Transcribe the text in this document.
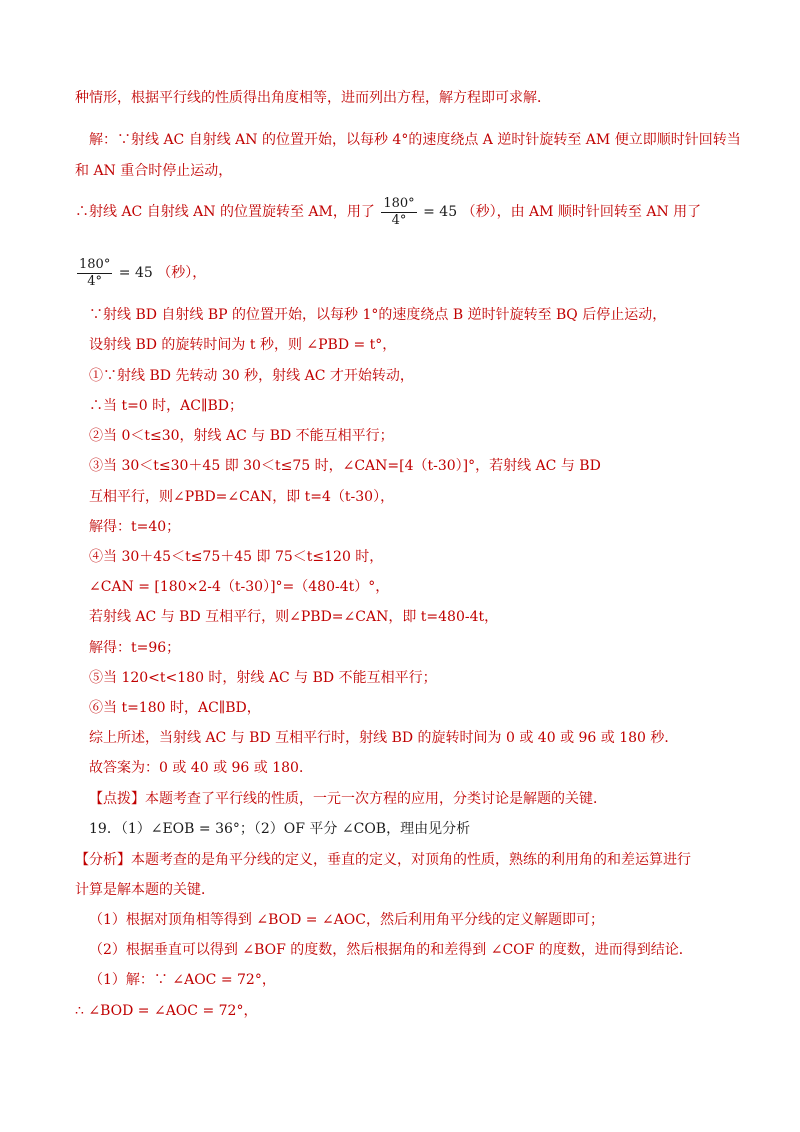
种情形，根据平行线的性质得出角度相等，进而列出方程，解方程即可求解．
解：∵射线 AC 自射线 AN 的位置开始，以每秒 4°的速度绕点 A 逆时针旋转至 AM 便立即顺时针回转当
和 AN 重合时停止运动，
∴射线 AC 自射线 AN 的位置旋转至 AM，用了 $\frac{180^\circ}{4^\circ} = 45$ （秒），由 AM 顺时针回转至 AN 用了
$\frac{180^\circ}{4^\circ} = 45$ （秒），
∵射线 BD 自射线 BP 的位置开始，以每秒 1°的速度绕点 B 逆时针旋转至 BQ 后停止运动，
设射线 BD 的旋转时间为 t 秒，则 ∠PBD = t°，
①∵射线 BD 先转动 30 秒，射线 AC 才开始转动，
∴当 t=0 时，AC∥BD；
②当 0＜t≤30，射线 AC 与 BD 不能互相平行；
③当 30＜t≤30＋45 即 30＜t≤75 时，∠CAN=[4（t-30）]°，若射线 AC 与 BD
互相平行，则∠PBD=∠CAN，即 t=4（t-30），
解得：t=40；
④当 30＋45＜t≤75＋45 即 75＜t≤120 时，
∠CAN = [180×2-4（t-30）]°=（480-4t）°，
若射线 AC 与 BD 互相平行，则∠PBD=∠CAN，即 t=480-4t，
解得：t=96；
⑤当 120<t<180 时，射线 AC 与 BD 不能互相平行；
⑥当 t=180 时，AC∥BD，
综上所述，当射线 AC 与 BD 互相平行时，射线 BD 的旋转时间为 0 或 40 或 96 或 180 秒．
故答案为：0 或 40 或 96 或 180．
【点拨】本题考查了平行线的性质，一元一次方程的应用，分类讨论是解题的关键．
19．（1）∠EOB = 36°；（2）OF 平分 ∠COB，理由见分析
【分析】本题考查的是角平分线的定义，垂直的定义，对顶角的性质，熟练的利用角的和差运算进行
计算是解本题的关键．
（1）根据对顶角相等得到 ∠BOD = ∠AOC，然后利用角平分线的定义解题即可；
（2）根据垂直可以得到 ∠BOF 的度数，然后根据角的和差得到 ∠COF 的度数，进而得到结论．
（1）解：∵ ∠AOC = 72°，
∴ ∠BOD = ∠AOC = 72°，
